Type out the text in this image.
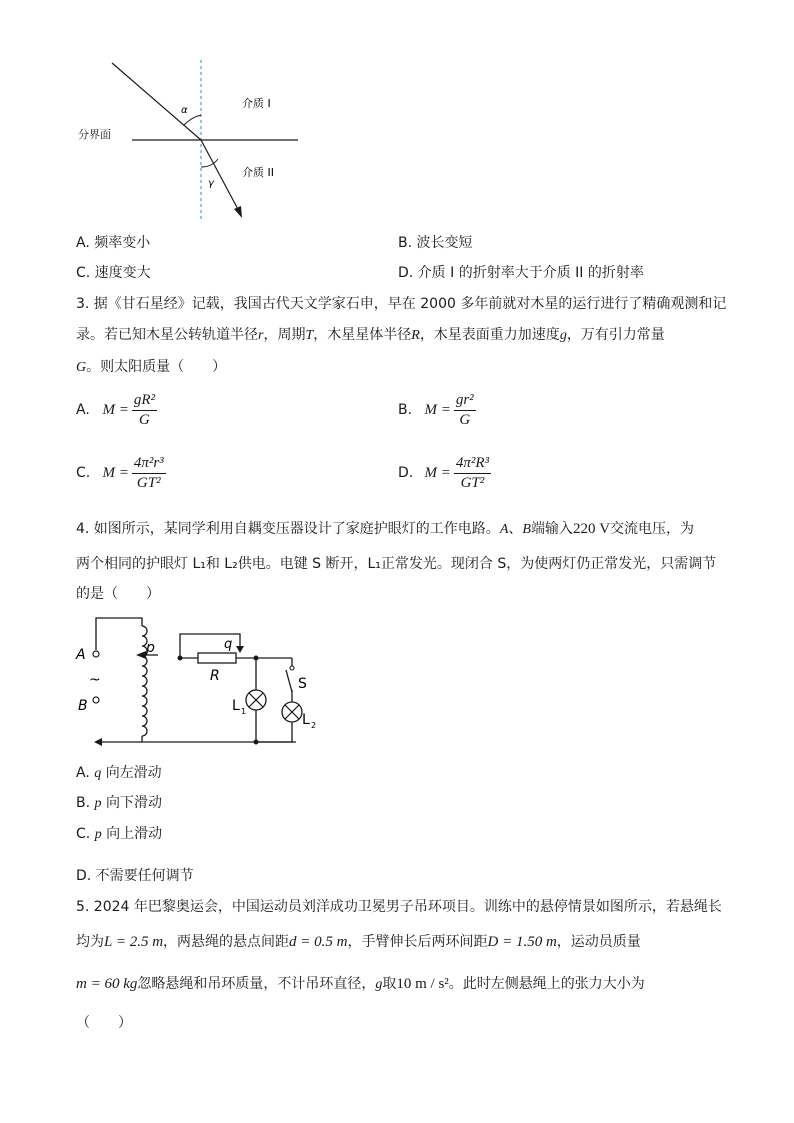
α
γ
介质 I
介质 II
分界面
A. 频率变小	B. 波长变短
C. 速度变大	D. 介质 I 的折射率大于介质 II 的折射率
3. 据《甘石星经》记载，我国古代天文学家石申，早在 2000 多年前就对木星的运行进行了精确观测和记
录。若已知木星公转轨道半径r，周期T，木星星体半径R，木星表面重力加速度g，万有引力常量
G。则太阳质量（　　）
A. $M = \frac{\text{gR²}}{G}$	B. $M = \frac{\text{gr²}}{G}$
C. $M = \frac{\text{4π²r³}}{\text{GT²}}$	D. $M = \frac{\text{4π²R³}}{\text{GT²}}$
4. 如图所示，某同学利用自耦变压器设计了家庭护眼灯的工作电路。A、B端输入220 V交流电压，为
两个相同的护眼灯 L₁和 L₂供电。电键 S 断开，L₁正常发光。现闭合 S，为使两灯仍正常发光，只需调节
的是（　　）
A
B
~
p	q
R	S
L 1
L 2
A. q 向左滑动
B. p 向下滑动
C. p 向上滑动
D. 不需要任何调节
5. 2024 年巴黎奥运会，中国运动员刘洋成功卫冕男子吊环项目。训练中的悬停情景如图所示，若悬绳长
均为L = 2.5 m，两悬绳的悬点间距d = 0.5 m，手臂伸长后两环间距D = 1.50 m，运动员质量
m = 60 kg忽略悬绳和吊环质量，不计吊环直径，g取10 m / s²。此时左侧悬绳上的张力大小为
（　　）
